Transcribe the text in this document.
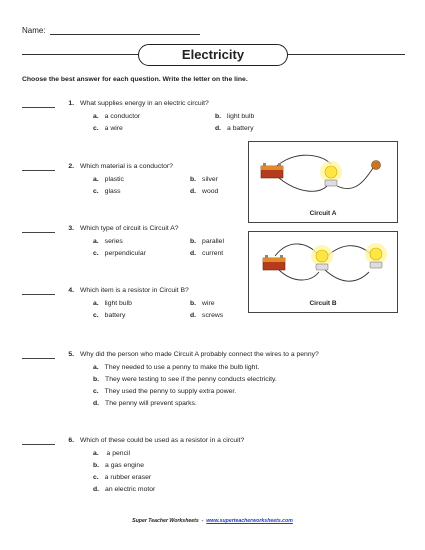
Name:
Electricity
Choose the best answer for each question. Write the letter on the line.
1. What supplies energy in an electric circuit?
a. a conductor	b. light bulb
c. a wire	d. a battery
2. Which material is a conductor?
a. plastic	b. silver
c. glass	d. wood
3. Which type of circuit is Circuit A?
a. series	b. parallel
c. perpendicular	d. current
4. Which item is a resistor in Circuit B?
a. light bulb	b. wire
c. battery	d. screws
5. Why did the person who made Circuit A probably connect the wires to a penny?
a. They needed to use a penny to make the bulb light.
b. They were testing to see if the penny conducts electricity.
c. They used the penny to supply extra power.
d. The penny will prevent sparks.
6. Which of these could be used as a resistor in a circuit?
a. a pencil
b. a gas engine
c. a rubber eraser
d. an electric motor
Circuit A
Circuit B
Super Teacher Worksheets - www.superteacherworksheets.com
